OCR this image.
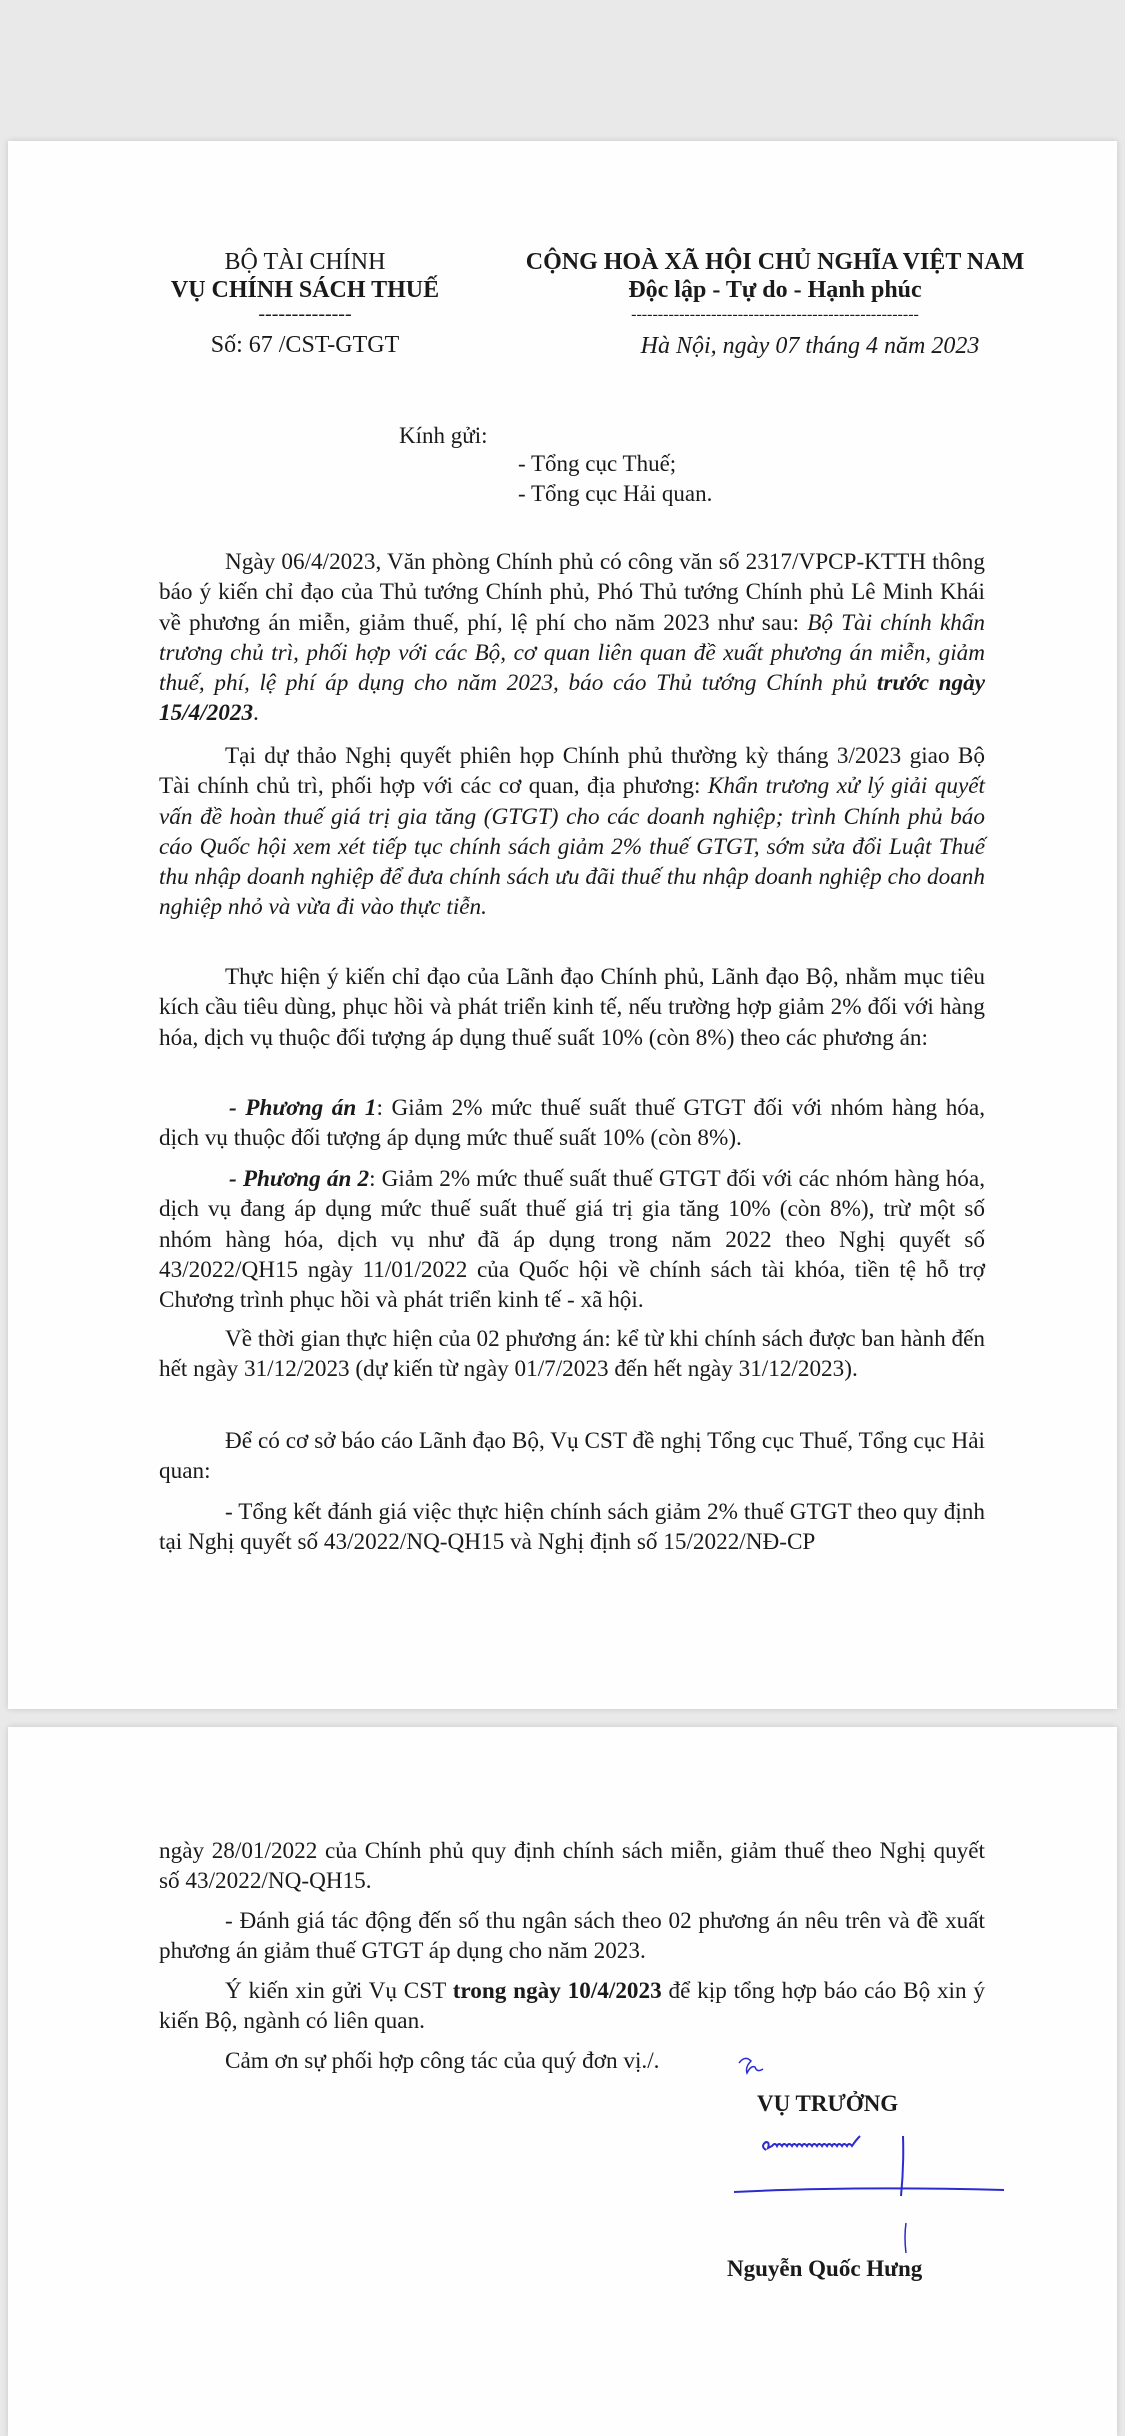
BỘ TÀI CHÍNH
VỤ CHÍNH SÁCH THUẾ
--------------
Số: 67 /CST-GTGT
CỘNG HOÀ XÃ HỘI CHỦ NGHĨA VIỆT NAM
Độc lập - Tự do - Hạnh phúc
------------------------------------------------------
Hà Nội, ngày 07 tháng 4 năm 2023
Kính gửi:
- Tổng cục Thuế;
- Tổng cục Hải quan.

Ngày 06/4/2023, Văn phòng Chính phủ có công văn số 2317/VPCP-KTTH thông báo ý kiến chỉ đạo của Thủ tướng Chính phủ, Phó Thủ tướng Chính phủ Lê Minh Khái về phương án miễn, giảm thuế, phí, lệ phí cho năm 2023 như sau: Bộ Tài chính khẩn trương chủ trì, phối hợp với các Bộ, cơ quan liên quan đề xuất phương án miễn, giảm thuế, phí, lệ phí áp dụng cho năm 2023, báo cáo Thủ tướng Chính phủ trước ngày 15/4/2023.

Tại dự thảo Nghị quyết phiên họp Chính phủ thường kỳ tháng 3/2023 giao Bộ Tài chính chủ trì, phối hợp với các cơ quan, địa phương: Khẩn trương xử lý giải quyết vấn đề hoàn thuế giá trị gia tăng (GTGT) cho các doanh nghiệp; trình Chính phủ báo cáo Quốc hội xem xét tiếp tục chính sách giảm 2% thuế GTGT, sớm sửa đổi Luật Thuế thu nhập doanh nghiệp để đưa chính sách ưu đãi thuế thu nhập doanh nghiệp cho doanh nghiệp nhỏ và vừa đi vào thực tiễn.

Thực hiện ý kiến chỉ đạo của Lãnh đạo Chính phủ, Lãnh đạo Bộ, nhằm mục tiêu kích cầu tiêu dùng, phục hồi và phát triển kinh tế, nếu trường hợp giảm 2% đối với hàng hóa, dịch vụ thuộc đối tượng áp dụng thuế suất 10% (còn 8%) theo các phương án:

- Phương án 1: Giảm 2% mức thuế suất thuế GTGT đối với nhóm hàng hóa, dịch vụ thuộc đối tượng áp dụng mức thuế suất 10% (còn 8%).

- Phương án 2: Giảm 2% mức thuế suất thuế GTGT đối với các nhóm hàng hóa, dịch vụ đang áp dụng mức thuế suất thuế giá trị gia tăng 10% (còn 8%), trừ một số nhóm hàng hóa, dịch vụ như đã áp dụng trong năm 2022 theo Nghị quyết số 43/2022/QH15 ngày 11/01/2022 của Quốc hội về chính sách tài khóa, tiền tệ hỗ trợ Chương trình phục hồi và phát triển kinh tế - xã hội.

Về thời gian thực hiện của 02 phương án: kể từ khi chính sách được ban hành đến hết ngày 31/12/2023 (dự kiến từ ngày 01/7/2023 đến hết ngày 31/12/2023).

Để có cơ sở báo cáo Lãnh đạo Bộ, Vụ CST đề nghị Tổng cục Thuế, Tổng cục Hải quan:

- Tổng kết đánh giá việc thực hiện chính sách giảm 2% thuế GTGT theo quy định tại Nghị quyết số 43/2022/NQ-QH15 và Nghị định số 15/2022/NĐ-CP

ngày 28/01/2022 của Chính phủ quy định chính sách miễn, giảm thuế theo Nghị quyết số 43/2022/NQ-QH15.

- Đánh giá tác động đến số thu ngân sách theo 02 phương án nêu trên và đề xuất phương án giảm thuế GTGT áp dụng cho năm 2023.

Ý kiến xin gửi Vụ CST trong ngày 10/4/2023 để kịp tổng hợp báo cáo Bộ xin ý kiến Bộ, ngành có liên quan.

Cảm ơn sự phối hợp công tác của quý đơn vị./.

VỤ TRƯỞNG
Nguyễn Quốc Hưng
